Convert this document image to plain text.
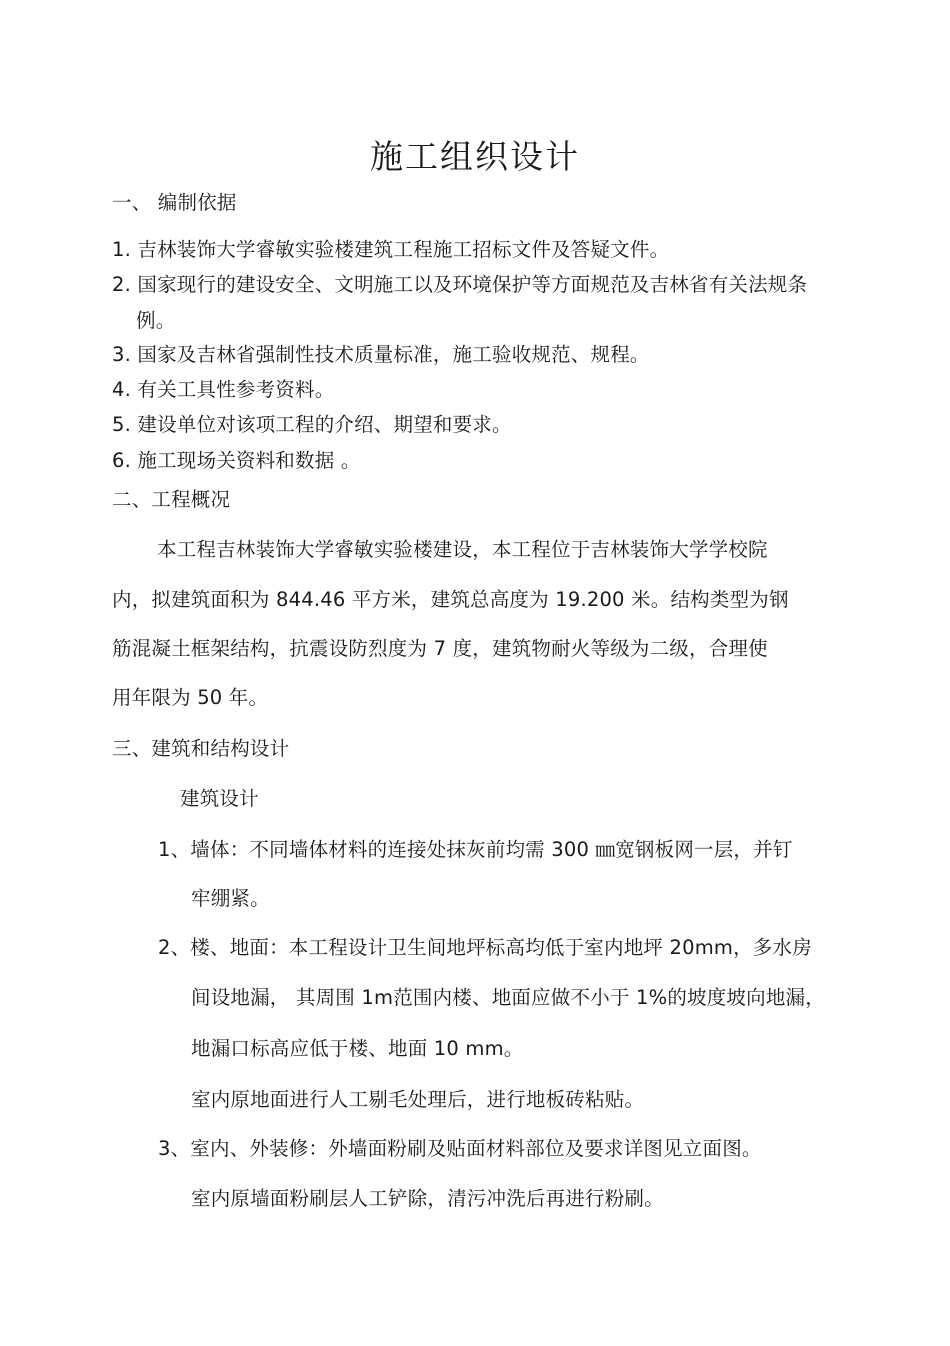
施工组织设计
一、 编制依据
1. 吉林装饰大学睿敏实验楼建筑工程施工招标文件及答疑文件。
2. 国家现行的建设安全、文明施工以及环境保护等方面规范及吉林省有关法规条
例。
3. 国家及吉林省强制性技术质量标准，施工验收规范、规程。
4. 有关工具性参考资料。
5. 建设单位对该项工程的介绍、期望和要求。
6. 施工现场关资料和数据 。
二、工程概况
本工程吉林装饰大学睿敏实验楼建设，本工程位于吉林装饰大学学校院
内，拟建筑面积为 844.46 平方米，建筑总高度为 19.200 米。结构类型为钢
筋混凝土框架结构，抗震设防烈度为 7 度，建筑物耐火等级为二级，合理使
用年限为 50 年。
三、建筑和结构设计
建筑设计
1、墙体：不同墙体材料的连接处抹灰前均需 300 ㎜宽钢板网一层，并钉
牢绷紧。
2、楼、地面：本工程设计卫生间地坪标高均低于室内地坪 20mm，多水房
间设地漏， 其周围 1m范围内楼、地面应做不小于 1%的坡度坡向地漏，
地漏口标高应低于楼、地面 10 mm。
室内原地面进行人工剔毛处理后，进行地板砖粘贴。
3、室内、外装修：外墙面粉刷及贴面材料部位及要求详图见立面图。
室内原墙面粉刷层人工铲除，清污冲洗后再进行粉刷。
